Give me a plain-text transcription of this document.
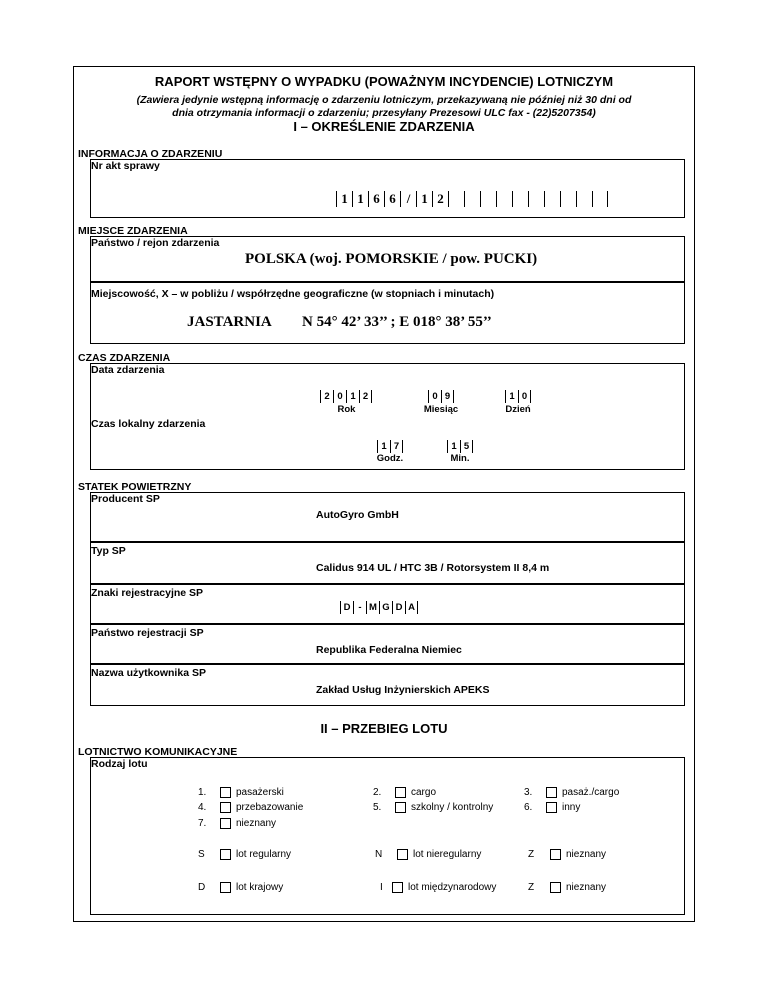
RAPORT WSTĘPNY O WYPADKU (POWAŻNYM INCYDENCIE) LOTNICZYM
(Zawiera jedynie wstępną informację o zdarzeniu lotniczym, przekazywaną nie później niż 30 dni od
dnia otrzymania informacji o zdarzeniu; przesyłany Prezesowi ULC fax - (22)5207354)
I – OKREŚLENIE ZDARZENIA
INFORMACJA O ZDARZENIU
Nr akt sprawy
1 1 6 6 / 1 2
MIEJSCE ZDARZENIA
Państwo / rejon zdarzenia
POLSKA (woj. POMORSKIE / pow. PUCKI)
Miejscowość, X – w pobliżu / współrzędne geograficzne (w stopniach i minutach)
JASTARNIA N 54° 42’ 33’’ ; E 018° 38’ 55’’
CZAS ZDARZENIA
Data zdarzenia
Czas lokalny zdarzenia
2 0 1 2
Rok
0 9
Miesiąc
1 0
Dzień
1 7
Godz.
1 5
Min.
STATEK POWIETRZNY
Producent SP
AutoGyro GmbH
Typ SP
Calidus 914 UL / HTC 3B / Rotorsystem II 8,4 m
Znaki rejestracyjne SP
D - M G D A
Państwo rejestracji SP
Republika Federalna Niemiec
Nazwa użytkownika SP
Zakład Usług Inżynierskich APEKS
II – PRZEBIEG LOTU
LOTNICTWO KOMUNIKACYJNE
Rodzaj lotu
1.	pasażerski	2.	cargo	3.	pasaż./cargo
4.	przebazowanie	5.	szkolny / kontrolny	6.	inny
7.	nieznany
S	lot regularny	N	lot nieregularny	Z	nieznany
D	lot krajowy	I	lot międzynarodowy	Z	nieznany
